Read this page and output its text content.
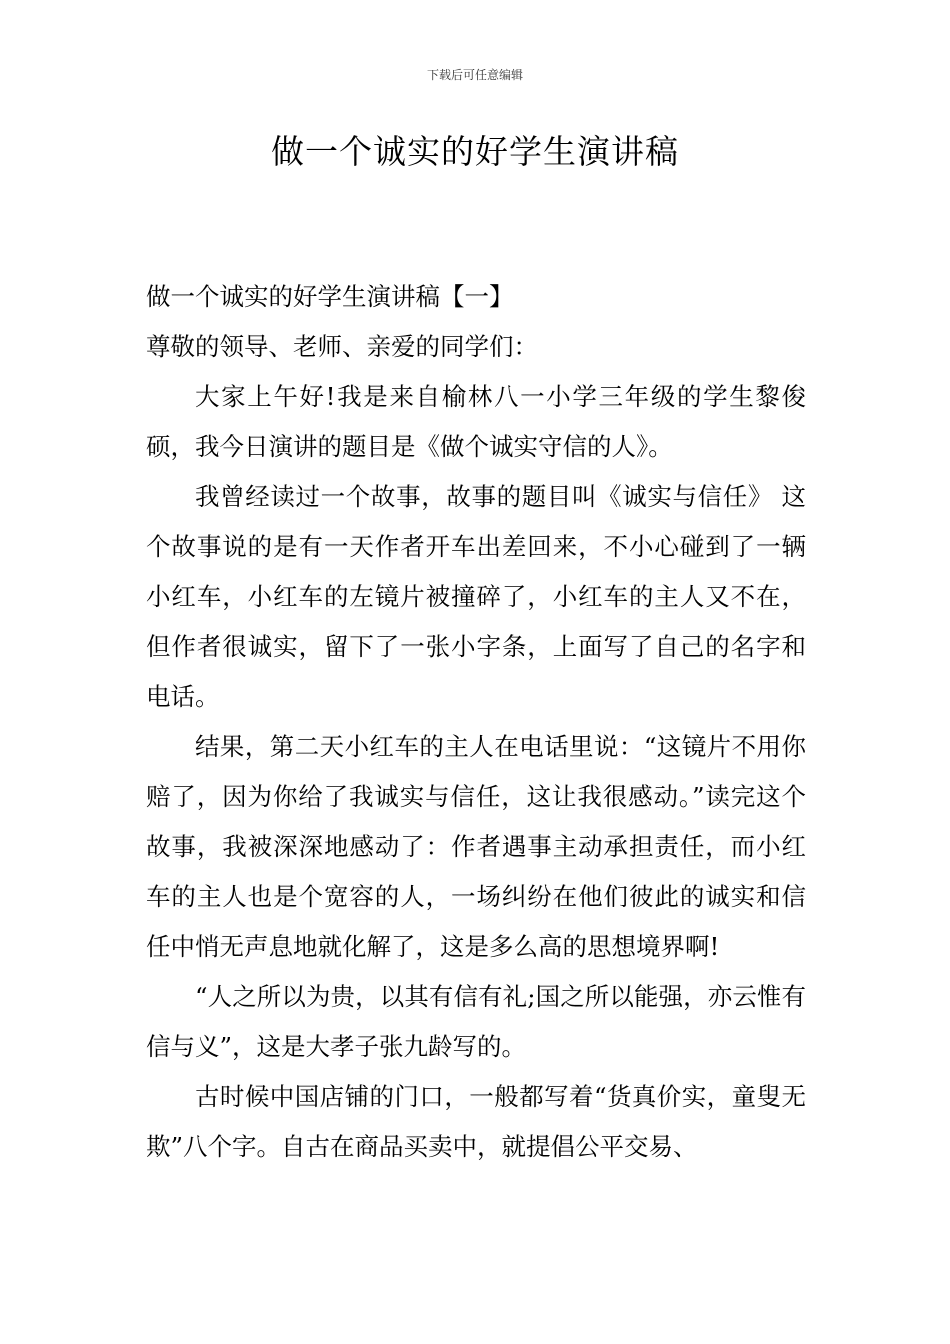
下载后可任意编辑
做一个诚实的好学生演讲稿

做一个诚实的好学生演讲稿【一】

尊敬的领导、老师、亲爱的同学们：

大家上午好!我是来自榆林八一小学三年级的学生黎俊硕，我今日演讲的题目是《做个诚实守信的人》。

我曾经读过一个故事，故事的题目叫《诚实与信任》 这个故事说的是有一天作者开车出差回来，不小心碰到了一辆小红车，小红车的左镜片被撞碎了，小红车的主人又不在，但作者很诚实，留下了一张小字条，上面写了自己的名字和电话。

结果，第二天小红车的主人在电话里说：“这镜片不用你赔了，因为你给了我诚实与信任，这让我很感动。”读完这个故事，我被深深地感动了：作者遇事主动承担责任，而小红车的主人也是个宽容的人，一场纠纷在他们彼此的诚实和信任中悄无声息地就化解了，这是多么高的思想境界啊!

“人之所以为贵，以其有信有礼;国之所以能强，亦云惟有信与义”，这是大孝子张九龄写的。

古时候中国店铺的门口，一般都写着“货真价实，童叟无欺”八个字。自古在商品买卖中，就提倡公平交易、
